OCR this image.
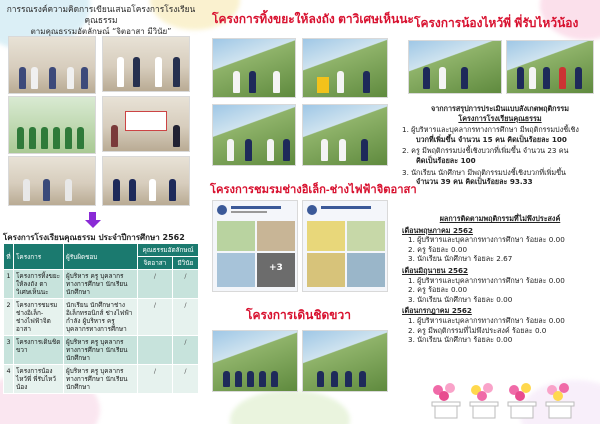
การรณรงค์ความคิดการเขียนเสนอโครงการโรงเรียนคุณธรรม
ตามคุณธรรมอัตลักษณ์ “จิตอาสา มีวินัย”
โครงการโรงเรียนคุณธรรม ประจำปีการศึกษา 2562
ที่	โครงการ	ผู้รับผิดชอบ	คุณธรรมอัตลักษณ์	
			จิตอาสา	มีวินัย
1	โครงการทิ้งขยะให้ลงถัง ตาวิเศษเห็นนะ	ผู้บริหาร ครู บุคลากรทางการศึกษา นักเรียน นักศึกษา	/	/
2	โครงการชมรมช่างอิเล็ก-ช่างไฟฟ้าจิตอาสา	นักเรียน นักศึกษาช่างอิเล็กทรอนิกส์ ช่างไฟฟ้ากำลัง ผู้บริหาร ครูบุคลากรทางการศึกษา	/	/
3	โครงการเดินชิดขวา	ผู้บริหาร ครู บุคลากรทางการศึกษา นักเรียนนักศึกษา		/
4	โครงการน้องไหว้พี่ พี่รับไหว้น้อง	ผู้บริหาร ครู บุคลากรทางการศึกษา นักเรียนนักศึกษา	/	/
โครงการทิ้งขยะให้ลงถัง ตาวิเศษเห็นนะ
โครงการชมรมช่างอิเล็ก-ช่างไฟฟ้าจิตอาสา
+3
โครงการเดินชิดขวา
โครงการน้องไหว้พี่ พี่รับไหว้น้อง
จากการสรุปการประเมินแบบสังเกตพฤติกรรม
โครงการโรงเรียนคุณธรรม
1. ผู้บริหารและบุคลากรทางการศึกษา มีพฤติกรรมบ่งชี้เชิง
บวกที่เพิ่มขึ้น จำนวน 15 คน คิดเป็นร้อยละ 100
2. ครู มีพฤติกรรมบ่งชี้เชิงบวกที่เพิ่มขึ้น จำนวน 23 คน
คิดเป็นร้อยละ 100
3. นักเรียน นักศึกษา มีพฤติกรรมบ่งชี้เชิงบวกที่เพิ่มขึ้น
จำนวน 39 คน คิดเป็นร้อยละ 93.33
ผลการติดตามพฤติกรรมที่ไม่พึงประสงค์
เดือนพฤษภาคม 2562
1. ผู้บริหารและบุคลากรทางการศึกษา ร้อยละ 0.00
2. ครู ร้อยละ 0.00
3. นักเรียน นักศึกษา ร้อยละ 2.67
เดือนมิถุนายน 2562
1. ผู้บริหารและบุคลากรทางการศึกษา ร้อยละ 0.00
2. ครู ร้อยละ 0.00
3. นักเรียน นักศึกษา ร้อยละ 0.00
เดือนกรกฎาคม 2562
1. ผู้บริหารและบุคลากรทางการศึกษา ร้อยละ 0.00
2. ครู มีพฤติกรรมที่ไม่พึงประสงค์ ร้อยละ 0.0
3. นักเรียน นักศึกษา ร้อยละ 0.00
